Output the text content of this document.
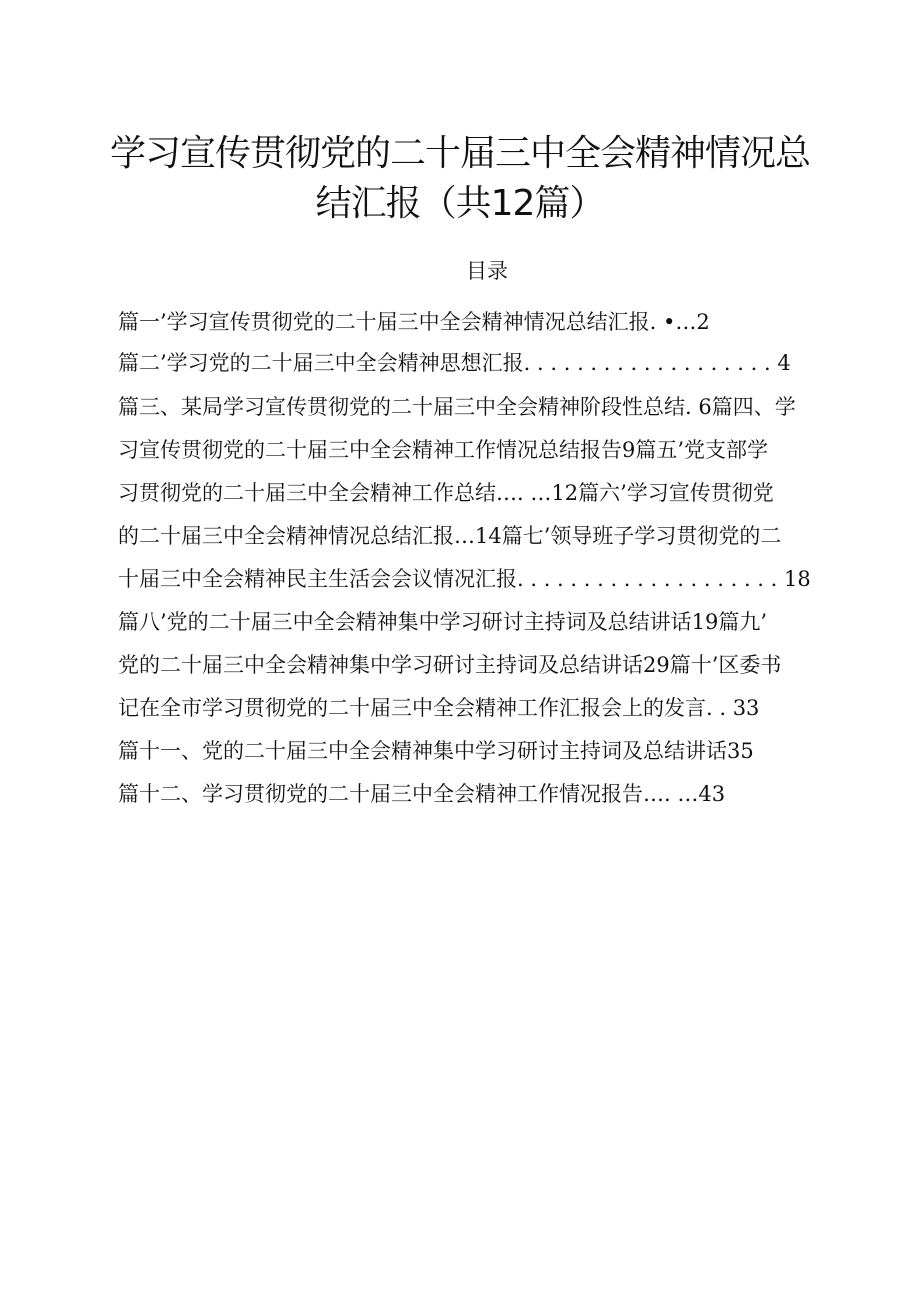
学习宣传贯彻党的二十届三中全会精神情况总
结汇报（共12篇）
目录
篇一’学习宣传贯彻党的二十届三中全会精神情况总结汇报. •…2
篇二’学习党的二十届三中全会精神思想汇报. . . . . . . . . . . . . . . . . . . 4
篇三、某局学习宣传贯彻党的二十届三中全会精神阶段性总结. 6篇四、学
习宣传贯彻党的二十届三中全会精神工作情况总结报告9篇五’党支部学
习贯彻党的二十届三中全会精神工作总结…. …12篇六’学习宣传贯彻党
的二十届三中全会精神情况总结汇报…14篇七’领导班子学习贯彻党的二
十届三中全会精神民主生活会会议情况汇报. . . . . . . . . . . . . . . . . . . . 18
篇八’党的二十届三中全会精神集中学习研讨主持词及总结讲话19篇九’
党的二十届三中全会精神集中学习研讨主持词及总结讲话29篇十’区委书
记在全市学习贯彻党的二十届三中全会精神工作汇报会上的发言. . 33
篇十一、党的二十届三中全会精神集中学习研讨主持词及总结讲话35
篇十二、学习贯彻党的二十届三中全会精神工作情况报告…. …43
